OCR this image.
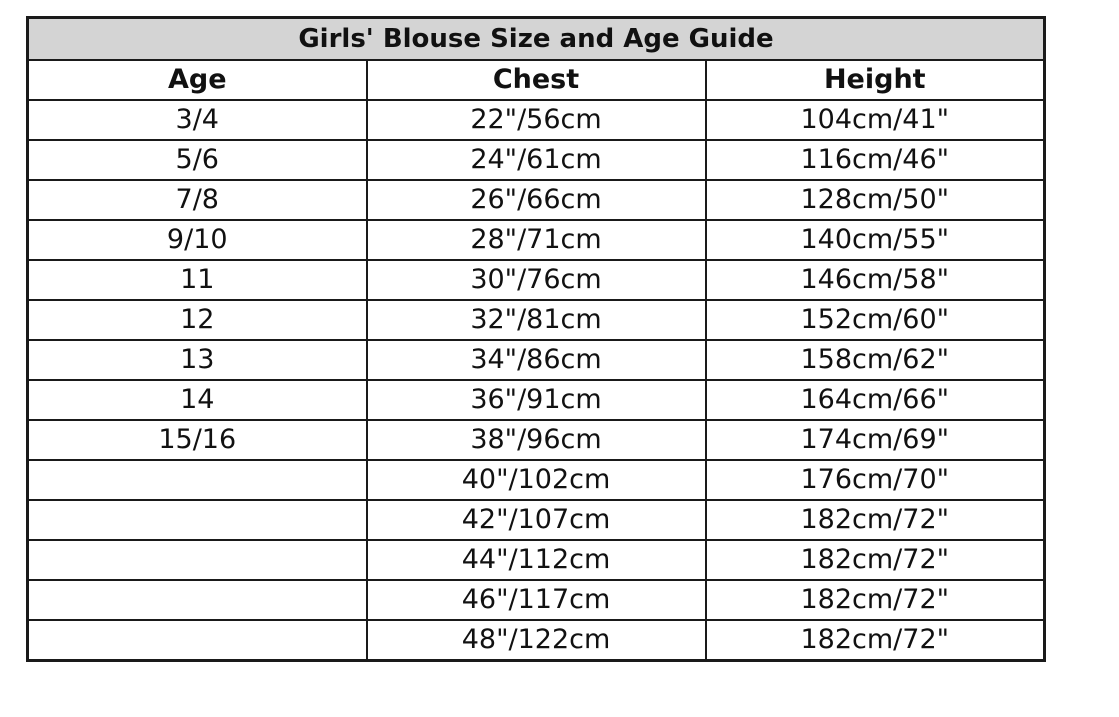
Girls' Blouse Size and Age Guide		
Age	Chest	Height
3/4	22"/56cm	104cm/41"
5/6	24"/61cm	116cm/46"
7/8	26"/66cm	128cm/50"
9/10	28"/71cm	140cm/55"
11	30"/76cm	146cm/58"
12	32"/81cm	152cm/60"
13	34"/86cm	158cm/62"
14	36"/91cm	164cm/66"
15/16	38"/96cm	174cm/69"
	40"/102cm	176cm/70"
	42"/107cm	182cm/72"
	44"/112cm	182cm/72"
	46"/117cm	182cm/72"
	48"/122cm	182cm/72"
